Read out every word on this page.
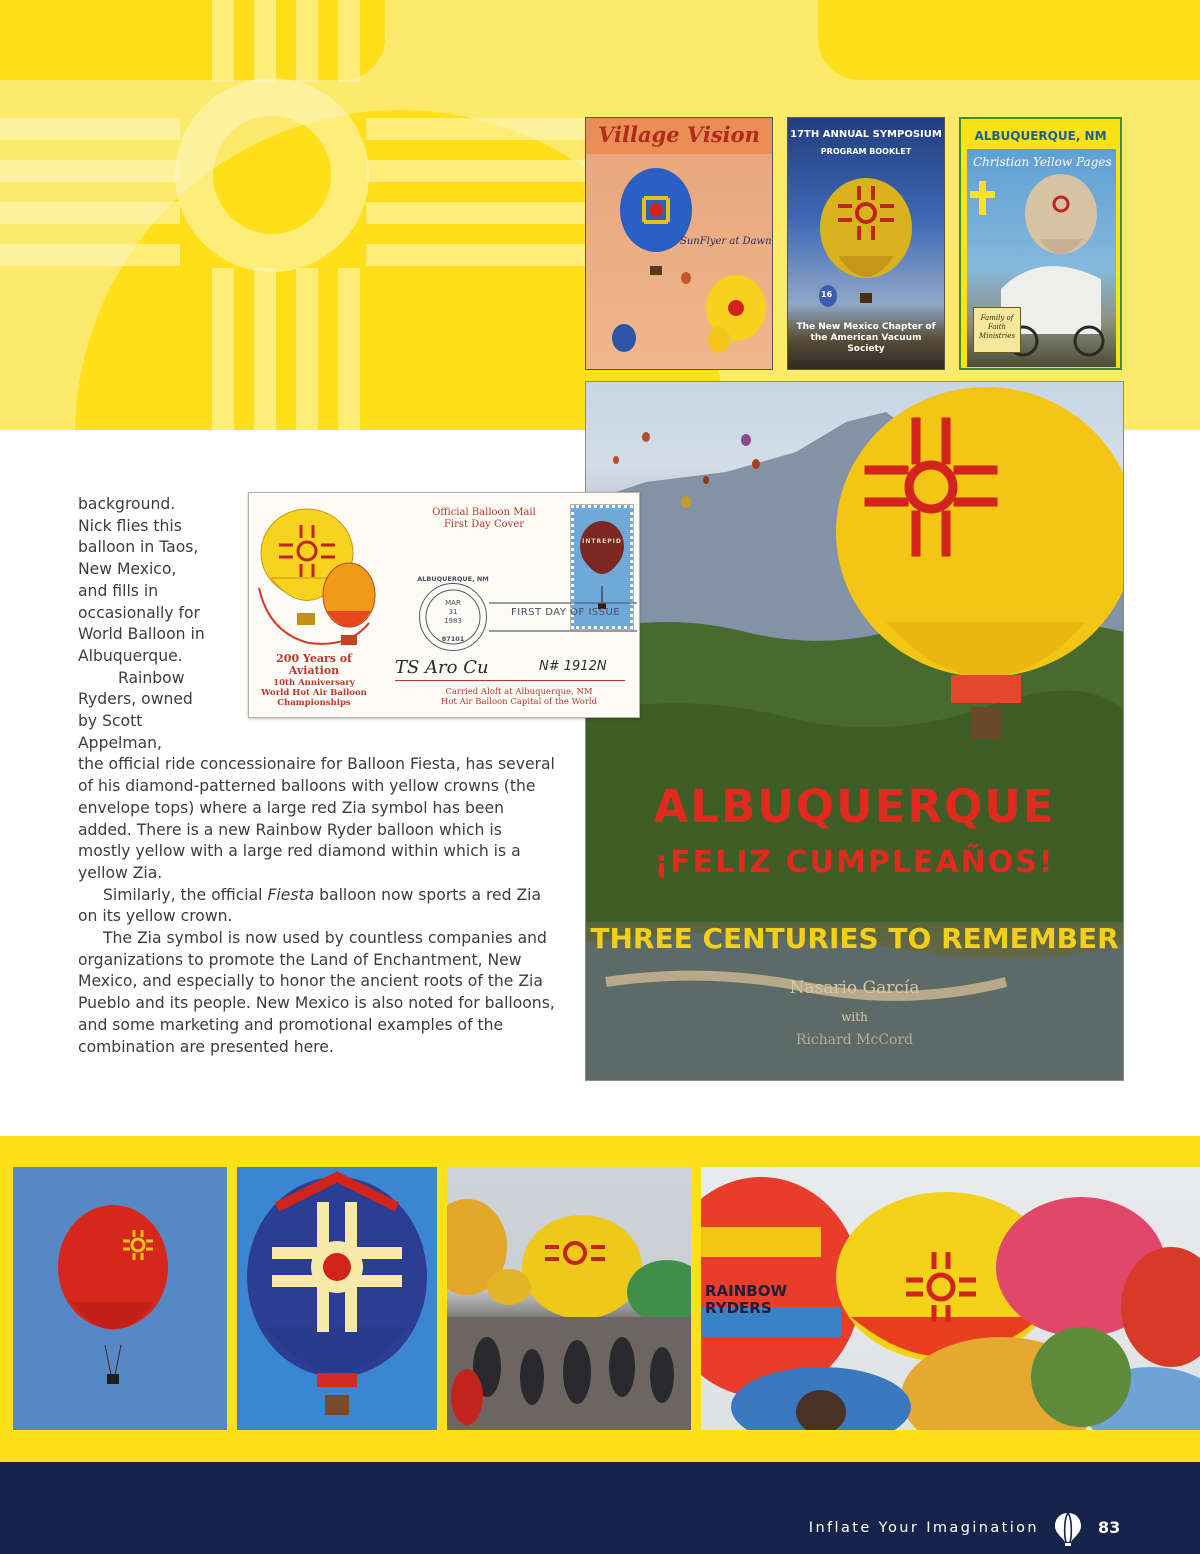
Village Vision
SunFlyer at Dawn
17TH ANNUAL SYMPOSIUM
PROGRAM BOOKLET
16
The New Mexico Chapter of the American Vacuum Society
ALBUQUERQUE, NM
Christian Yellow Pages
Family of Faith Ministries
ALBUQUERQUE
¡FELIZ CUMPLEAÑOS!
THREE CENTURIES TO REMEMBER
Nasario García
with
Richard McCord
Official Balloon Mail
First Day Cover
200 Years of
Aviation
10th Anniversary
World Hot Air Balloon
Championships
INTREPID
ALBUQUERQUE, NM
MAR
31
1983
87101
FIRST DAY OF ISSUE
TS Aro Cu	N# 1912N
Carried Aloft at Albuquerque, NM
Hot Air Balloon Capital of the World
background.
Nick flies this
balloon in Taos,
New Mexico,
and fills in
occasionally for
World Balloon in
Albuquerque.
Rainbow
Ryders, owned
by Scott
Appelman,

the official ride concessionaire for Balloon Fiesta, has several of his diamond-patterned balloons with yellow crowns (the envelope tops) where a large red Zia symbol has been added. There is a new Rainbow Ryder balloon which is mostly yellow with a large red diamond within which is a yellow Zia.

Similarly, the official Fiesta balloon now sports a red Zia on its yellow crown.

The Zia symbol is now used by countless companies and organizations to promote the Land of Enchantment, New Mexico, and especially to honor the ancient roots of the Zia Pueblo and its people. New Mexico is also noted for balloons, and some marketing and promotional examples of the combination are presented here.

RAINBOW RYDERS
Inflate Your Imagination	83
